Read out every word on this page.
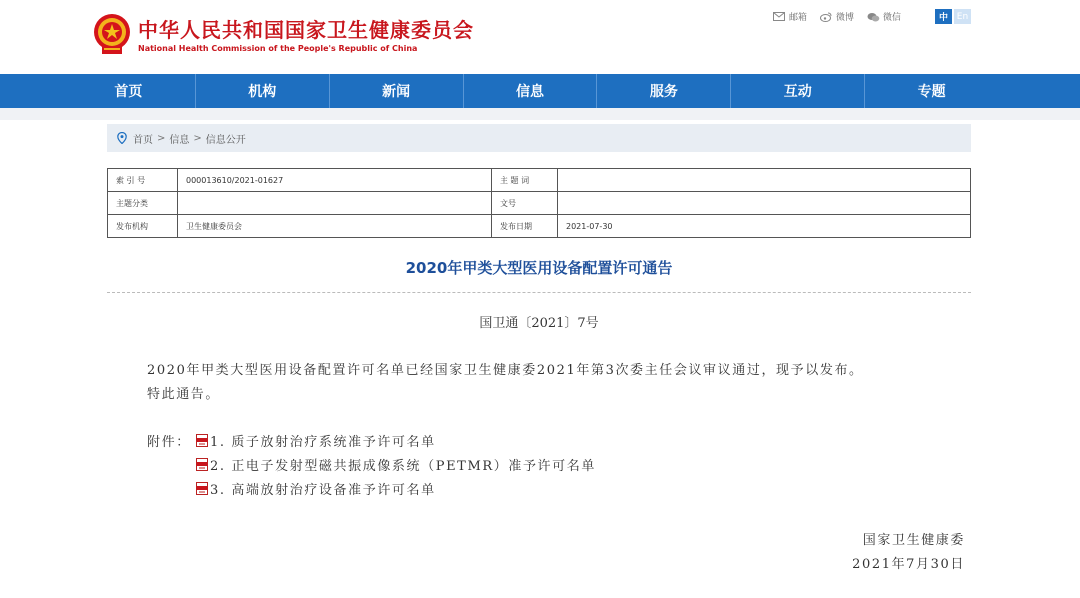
中华人民共和国国家卫生健康委员会
National Health Commission of the People's Republic of China
邮箱	微博	微信	中 En
首页	机构	新闻	信息	服务	互动	专题
首页 > 信息 > 信息公开
索 引 号	000013610/2021-01627	主 题 词	
主题分类		文号	
发布机构	卫生健康委员会	发布日期	2021-07-30
2020年甲类大型医用设备配置许可通告
国卫通〔2021〕7号
2020年甲类大型医用设备配置许可名单已经国家卫生健康委2021年第3次委主任会议审议通过，现予以发布。
特此通告。
附件： 1. 质子放射治疗系统准予许可名单
2. 正电子发射型磁共振成像系统（PETMR）准予许可名单
3. 高端放射治疗设备准予许可名单
国家卫生健康委
2021年7月30日
